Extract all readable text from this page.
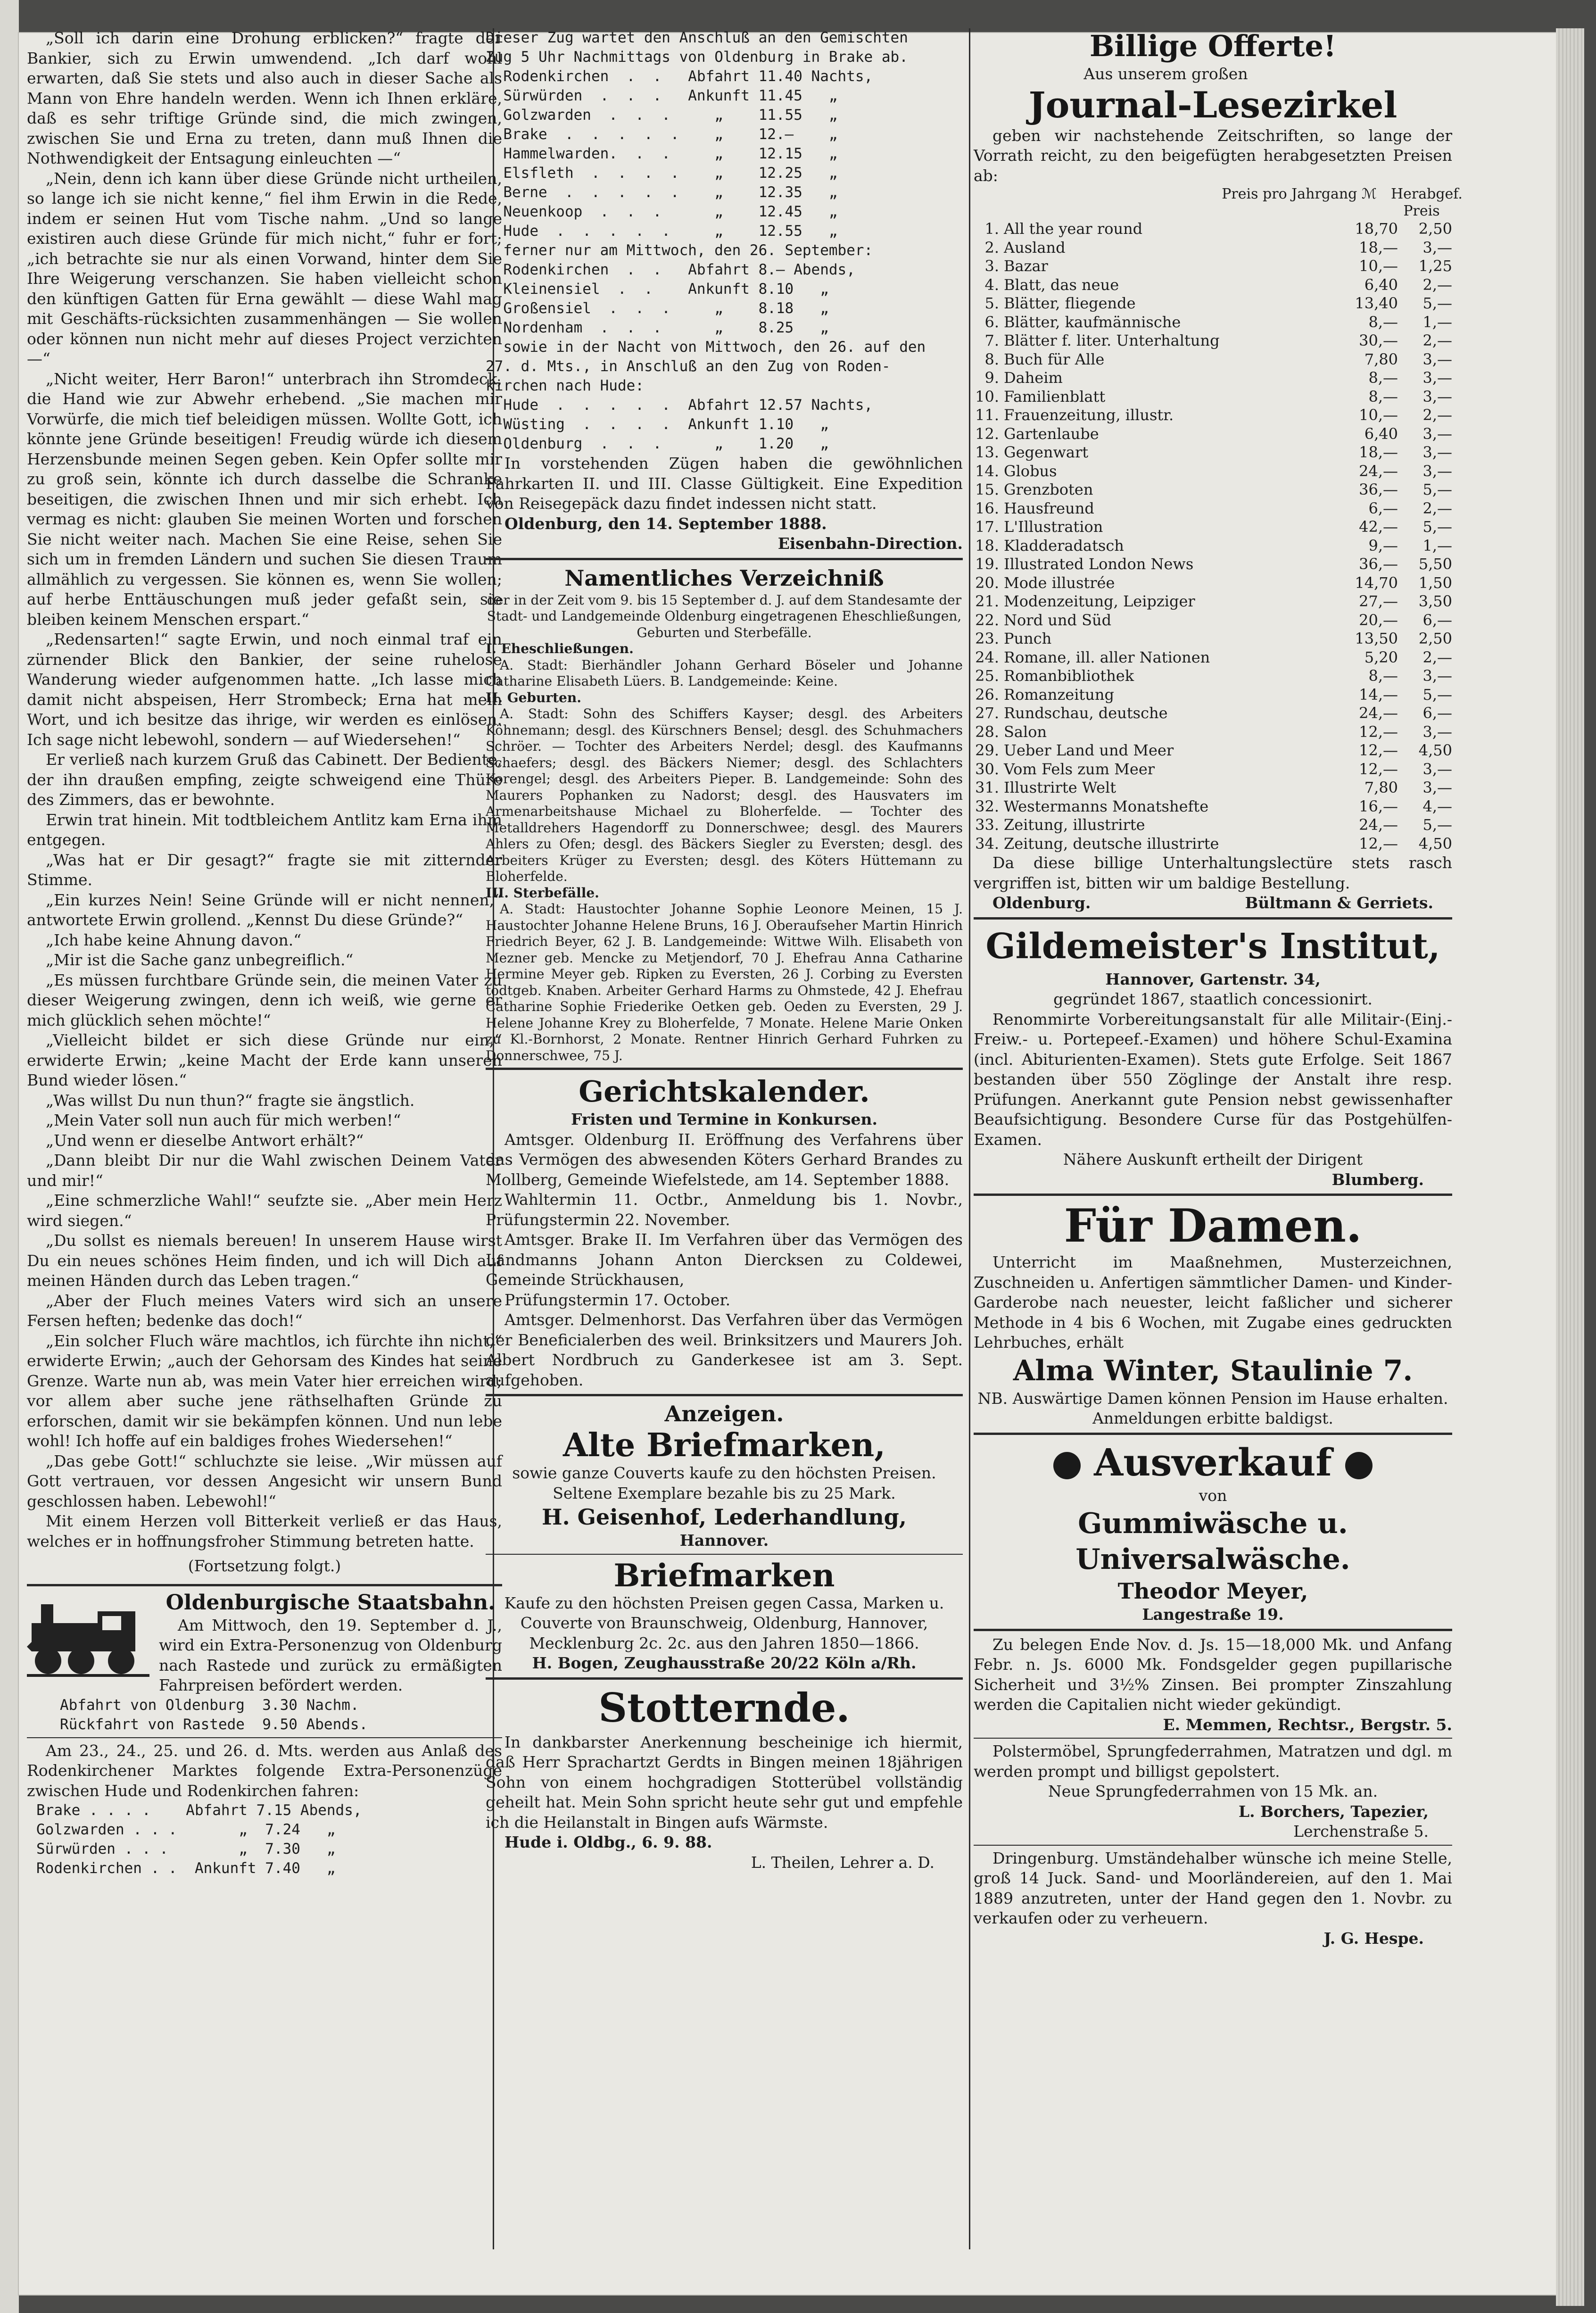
„Soll ich darin eine Drohung erblicken?“ fragte der Bankier, sich zu Erwin umwendend. „Ich darf wohl erwarten, daß Sie stets und also auch in dieser Sache als Mann von Ehre handeln werden. Wenn ich Ihnen erkläre, daß es sehr triftige Gründe sind, die mich zwingen, zwischen Sie und Erna zu treten, dann muß Ihnen die Nothwendigkeit der Entsagung einleuchten —“

„Nein, denn ich kann über diese Gründe nicht urtheilen, so lange ich sie nicht kenne,“ fiel ihm Erwin in die Rede, indem er seinen Hut vom Tische nahm. „Und so lange existiren auch diese Gründe für mich nicht,“ fuhr er fort; „ich betrachte sie nur als einen Vorwand, hinter dem Sie Ihre Weigerung verschanzen. Sie haben vielleicht schon den künftigen Gatten für Erna gewählt — diese Wahl mag mit Geschäfts-rücksichten zusammenhängen — Sie wollen oder können nun nicht mehr auf dieses Project verzichten —“

„Nicht weiter, Herr Baron!“ unterbrach ihn Stromdeck, die Hand wie zur Abwehr erhebend. „Sie machen mir Vorwürfe, die mich tief beleidigen müssen. Wollte Gott, ich könnte jene Gründe beseitigen! Freudig würde ich diesem Herzensbunde meinen Segen geben. Kein Opfer sollte mir zu groß sein, könnte ich durch dasselbe die Schranke beseitigen, die zwischen Ihnen und mir sich erhebt. Ich vermag es nicht: glauben Sie meinen Worten und forschen Sie nicht weiter nach. Machen Sie eine Reise, sehen Sie sich um in fremden Ländern und suchen Sie diesen Traum allmählich zu vergessen. Sie können es, wenn Sie wollen; auf herbe Enttäuschungen muß jeder gefaßt sein, sie bleiben keinem Menschen erspart.“

„Redensarten!“ sagte Erwin, und noch einmal traf ein zürnender Blick den Bankier, der seine ruhelose Wanderung wieder aufgenommen hatte. „Ich lasse mich damit nicht abspeisen, Herr Strombeck; Erna hat mein Wort, und ich besitze das ihrige, wir werden es einlösen. Ich sage nicht lebewohl, sondern — auf Wiedersehen!“

Er verließ nach kurzem Gruß das Cabinett. Der Bediente, der ihn draußen empfing, zeigte schweigend eine Thüre des Zimmers, das er bewohnte.

Erwin trat hinein. Mit todtbleichem Antlitz kam Erna ihm entgegen.

„Was hat er Dir gesagt?“ fragte sie mit zitternder Stimme.

„Ein kurzes Nein! Seine Gründe will er nicht nennen,“ antwortete Erwin grollend. „Kennst Du diese Gründe?“

„Ich habe keine Ahnung davon.“

„Mir ist die Sache ganz unbegreiflich.“

„Es müssen furchtbare Gründe sein, die meinen Vater zu dieser Weigerung zwingen, denn ich weiß, wie gerne er mich glücklich sehen möchte!“

„Vielleicht bildet er sich diese Gründe nur ein,“ erwiderte Erwin; „keine Macht der Erde kann unseren Bund wieder lösen.“

„Was willst Du nun thun?“ fragte sie ängstlich.

„Mein Vater soll nun auch für mich werben!“

„Und wenn er dieselbe Antwort erhält?“

„Dann bleibt Dir nur die Wahl zwischen Deinem Vater und mir!“

„Eine schmerzliche Wahl!“ seufzte sie. „Aber mein Herz wird siegen.“

„Du sollst es niemals bereuen! In unserem Hause wirst Du ein neues schönes Heim finden, und ich will Dich auf meinen Händen durch das Leben tragen.“

„Aber der Fluch meines Vaters wird sich an unsere Fersen heften; bedenke das doch!“

„Ein solcher Fluch wäre machtlos, ich fürchte ihn nicht,“ erwiderte Erwin; „auch der Gehorsam des Kindes hat seine Grenze. Warte nun ab, was mein Vater hier erreichen wird; vor allem aber suche jene räthselhaften Gründe zu erforschen, damit wir sie bekämpfen können. Und nun lebe wohl! Ich hoffe auf ein baldiges frohes Wiedersehen!“

„Das gebe Gott!“ schluchzte sie leise. „Wir müssen auf Gott vertrauen, vor dessen Angesicht wir unsern Bund geschlossen haben. Lebewohl!“

Mit einem Herzen voll Bitterkeit verließ er das Haus, welches er in hoffnungsfroher Stimmung betreten hatte.

(Fortsetzung folgt.)

Oldenburgische Staatsbahn.

Am Mittwoch, den 19. September d. J., wird ein Extra-Personenzug von Oldenburg nach Rastede und zurück zu ermäßigten Fahrpreisen befördert werden.

Abfahrt von Oldenburg  3.30 Nachm.
Rückfahrt von Rastede  9.50 Abends.

Am 23., 24., 25. und 26. d. Mts. werden aus Anlaß des Rodenkirchener Marktes folgende Extra-Personenzüge zwischen Hude und Rodenkirchen fahren:

Brake . . . .    Abfahrt 7.15 Abends,
Golzwarden . . .       „  7.24   „
Sürwürden . . .        „  7.30   „
Rodenkirchen . .  Ankunft 7.40   „
Dieser Zug wartet den Anschluß an den Gemischten
Zug 5 Uhr Nachmittags von Oldenburg in Brake ab.
Rodenkirchen  .  .   Abfahrt 11.40 Nachts,
Sürwürden  .  .  .   Ankunft 11.45   „
Golzwarden  .  .  .     „    11.55   „
Brake  .  .  .  .  .    „    12.—    „
Hammelwarden.  .  .     „    12.15   „
Elsfleth  .  .  .  .    „    12.25   „
Berne  .  .  .  .  .    „    12.35   „
Neuenkoop  .  .  .      „    12.45   „
Hude  .  .  .  .  .     „    12.55   „
ferner nur am Mittwoch, den 26. September:
Rodenkirchen  .  .   Abfahrt 8.— Abends,
Kleinensiel  .  .    Ankunft 8.10   „
Großensiel  .  .  .     „    8.18   „
Nordenham  .  .  .      „    8.25   „
sowie in der Nacht von Mittwoch, den 26. auf den
27. d. Mts., in Anschluß an den Zug von Roden-
kirchen nach Hude:
Hude  .  .  .  .  .  Abfahrt 12.57 Nachts,
Wüsting  .  .  .  .  Ankunft 1.10   „
Oldenburg  .  .  .      „    1.20   „

In vorstehenden Zügen haben die gewöhnlichen Fahrkarten II. und III. Classe Gültigkeit. Eine Expedition von Reisegepäck dazu findet indessen nicht statt.

Oldenburg, den 14. September 1888.

Eisenbahn-Direction.

Namentliches Verzeichniß

der in der Zeit vom 9. bis 15 September d. J. auf dem Standesamte der Stadt- und Landgemeinde Oldenburg eingetragenen Eheschließungen, Geburten und Sterbefälle.

I. Eheschließungen.

A. Stadt: Bierhändler Johann Gerhard Böseler und Johanne Catharine Elisabeth Lüers. B. Landgemeinde: Keine.

II. Geburten.

A. Stadt: Sohn des Schiffers Kayser; desgl. des Arbeiters Köhnemann; desgl. des Kürschners Bensel; desgl. des Schuhmachers Schröer. — Tochter des Arbeiters Nerdel; desgl. des Kaufmanns Schaefers; desgl. des Bäckers Niemer; desgl. des Schlachters Korengel; desgl. des Arbeiters Pieper. B. Landgemeinde: Sohn des Maurers Pophanken zu Nadorst; desgl. des Hausvaters im Armenarbeitshause Michael zu Bloherfelde. — Tochter des Metalldrehers Hagendorff zu Donnerschwee; desgl. des Maurers Ahlers zu Ofen; desgl. des Bäckers Siegler zu Eversten; desgl. des Arbeiters Krüger zu Eversten; desgl. des Köters Hüttemann zu Bloherfelde.

III. Sterbefälle.

A. Stadt: Haustochter Johanne Sophie Leonore Meinen, 15 J. Haustochter Johanne Helene Bruns, 16 J. Oberaufseher Martin Hinrich Friedrich Beyer, 62 J. B. Landgemeinde: Wittwe Wilh. Elisabeth von Mezner geb. Mencke zu Metjendorf, 70 J. Ehefrau Anna Catharine Hermine Meyer geb. Ripken zu Eversten, 26 J. Corbing zu Eversten todtgeb. Knaben. Arbeiter Gerhard Harms zu Ohmstede, 42 J. Ehefrau Catharine Sophie Friederike Oetken geb. Oeden zu Eversten, 29 J. Helene Johanne Krey zu Bloherfelde, 7 Monate. Helene Marie Onken zu Kl.-Bornhorst, 2 Monate. Rentner Hinrich Gerhard Fuhrken zu Donnerschwee, 75 J.

Gerichtskalender.

Fristen und Termine in Konkursen.

Amtsger. Oldenburg II. Eröffnung des Verfahrens über das Vermögen des abwesenden Köters Gerhard Brandes zu Mollberg, Gemeinde Wiefelstede, am 14. September 1888.

Wahltermin 11. Octbr., Anmeldung bis 1. Novbr., Prüfungstermin 22. November.

Amtsger. Brake II. Im Verfahren über das Vermögen des Landmanns Johann Anton Diercksen zu Coldewei, Gemeinde Strückhausen,

Prüfungstermin 17. October.

Amtsger. Delmenhorst. Das Verfahren über das Vermögen der Beneficialerben des weil. Brinksitzers und Maurers Joh. Albert Nordbruch zu Ganderkesee ist am 3. Sept. aufgehoben.

Anzeigen.
Alte Briefmarken,

sowie ganze Couverts kaufe zu den höchsten Preisen. Seltene Exemplare bezahle bis zu 25 Mark.

H. Geisenhof, Lederhandlung,

Hannover.

Briefmarken

Kaufe zu den höchsten Preisen gegen Cassa, Marken u. Couverte von Braunschweig, Oldenburg, Hannover, Mecklenburg 2c. 2c. aus den Jahren 1850—1866.

H. Bogen, Zeughausstraße 20/22 Köln a/Rh.

Stotternde.

In dankbarster Anerkennung bescheinige ich hiermit, daß Herr Sprachartzt Gerdts in Bingen meinen 18jährigen Sohn von einem hochgradigen Stotterübel vollständig geheilt hat. Mein Sohn spricht heute sehr gut und empfehle ich die Heilanstalt in Bingen aufs Wärmste.

Hude i. Oldbg., 6. 9. 88.

L. Theilen, Lehrer a. D.

Billige Offerte!

Aus unserem großen

Journal-Lesezirkel

geben wir nachstehende Zeitschriften, so lange der Vorrath reicht, zu den beigefügten herabgesetzten Preisen ab:

Preis pro Jahrgang ℳ Herabgef. Preis
1. All the year round	18,70	2,50
2. Ausland	18,—	3,—
3. Bazar	10,—	1,25
4. Blatt, das neue	6,40	2,—
5. Blätter, fliegende	13,40	5,—
6. Blätter, kaufmännische	8,—	1,—
7. Blätter f. liter. Unterhaltung	30,—	2,—
8. Buch für Alle	7,80	3,—
9. Daheim	8,—	3,—
10. Familienblatt	8,—	3,—
11. Frauenzeitung, illustr.	10,—	2,—
12. Gartenlaube	6,40	3,—
13. Gegenwart	18,—	3,—
14. Globus	24,—	3,—
15. Grenzboten	36,—	5,—
16. Hausfreund	6,—	2,—
17. L'Illustration	42,—	5,—
18. Kladderadatsch	9,—	1,—
19. Illustrated London News	36,—	5,50
20. Mode illustrée	14,70	1,50
21. Modenzeitung, Leipziger	27,—	3,50
22. Nord und Süd	20,—	6,—
23. Punch	13,50	2,50
24. Romane, ill. aller Nationen	5,20	2,—
25. Romanbibliothek	8,—	3,—
26. Romanzeitung	14,—	5,—
27. Rundschau, deutsche	24,—	6,—
28. Salon	12,—	3,—
29. Ueber Land und Meer	12,—	4,50
30. Vom Fels zum Meer	12,—	3,—
31. Illustrirte Welt	7,80	3,—
32. Westermanns Monatshefte	16,—	4,—
33. Zeitung, illustrirte	24,—	5,—
34. Zeitung, deutsche illustrirte	12,—	4,50

Da diese billige Unterhaltungslectüre stets rasch vergriffen ist, bitten wir um baldige Bestellung.

Oldenburg.	Bültmann & Gerriets.

Gildemeister's Institut,

Hannover, Gartenstr. 34,

gegründet 1867, staatlich concessionirt.

Renommirte Vorbereitungsanstalt für alle Militair-(Einj.-Freiw.- u. Portepeef.-Examen) und höhere Schul-Examina (incl. Abiturienten-Examen). Stets gute Erfolge. Seit 1867 bestanden über 550 Zöglinge der Anstalt ihre resp. Prüfungen. Anerkannt gute Pension nebst gewissenhafter Beaufsichtigung. Besondere Curse für das Postgehülfen-Examen.

Nähere Auskunft ertheilt der Dirigent

Blumberg.

Für Damen.

Unterricht im Maaßnehmen, Musterzeichnen, Zuschneiden u. Anfertigen sämmtlicher Damen- und Kinder-Garderobe nach neuester, leicht faßlicher und sicherer Methode in 4 bis 6 Wochen, mit Zugabe eines gedruckten Lehrbuches, erhält

Alma Winter, Staulinie 7.

NB. Auswärtige Damen können Pension im Hause erhalten. Anmeldungen erbitte baldigst.

Ausverkauf

von

Gummiwäsche u. Universalwäsche.
Theodor Meyer,

Langestraße 19.

Zu belegen Ende Nov. d. Js. 15—18,000 Mk. und Anfang Febr. n. Js. 6000 Mk. Fondsgelder gegen pupillarische Sicherheit und 3½% Zinsen. Bei prompter Zinszahlung werden die Capitalien nicht wieder gekündigt.

E. Memmen, Rechtsr., Bergstr. 5.

Polstermöbel, Sprungfederrahmen, Matratzen und dgl. m werden prompt und billigst gepolstert.

Neue Sprungfederrahmen von 15 Mk. an.

L. Borchers, Tapezier,

Lerchenstraße 5.

Dringenburg. Umständehalber wünsche ich meine Stelle, groß 14 Juck. Sand- und Moorländereien, auf den 1. Mai 1889 anzutreten, unter der Hand gegen den 1. Novbr. zu verkaufen oder zu verheuern.

J. G. Hespe.
